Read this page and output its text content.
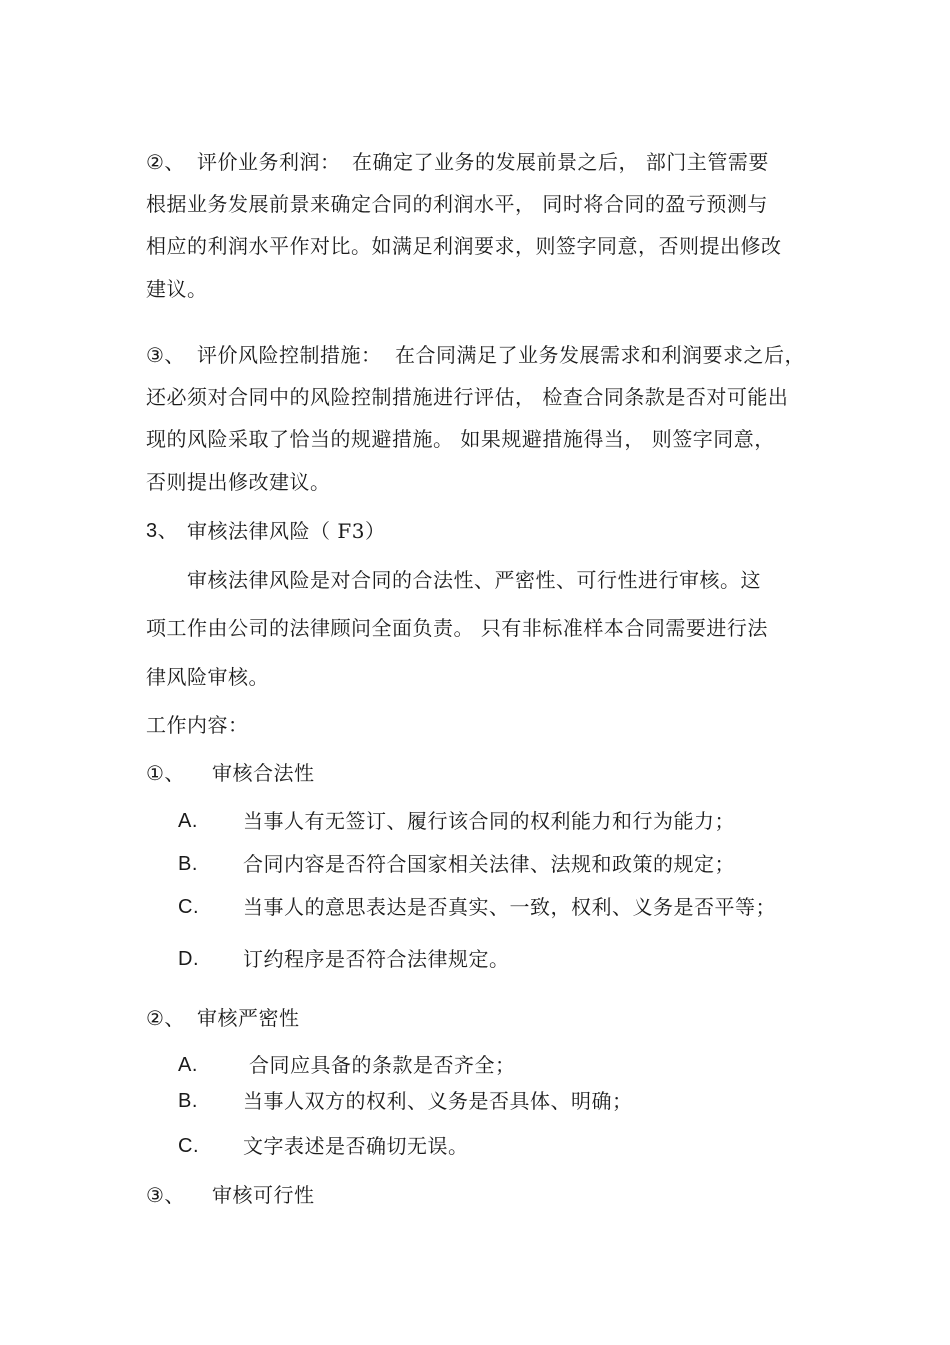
②、 评价业务利润： 在确定了业务的发展前景之后， 部门主管需要
根据业务发展前景来确定合同的利润水平， 同时将合同的盈亏预测与
相应的利润水平作对比。如满足利润要求，则签字同意，否则提出修改
建议。
③、 评价风险控制措施： 在合同满足了业务发展需求和利润要求之后，
还必须对合同中的风险控制措施进行评估， 检查合同条款是否对可能出
现的风险采取了恰当的规避措施。 如果规避措施得当， 则签字同意，
否则提出修改建议。
3、 审核法律风险（ F3）
审核法律风险是对合同的合法性、严密性、可行性进行审核。这
项工作由公司的法律顾问全面负责。 只有非标准样本合同需要进行法
律风险审核。
工作内容：
①、 审核合法性
A. 当事人有无签订、履行该合同的权利能力和行为能力；
B. 合同内容是否符合国家相关法律、法规和政策的规定；
C. 当事人的意思表达是否真实、一致，权利、义务是否平等；
D. 订约程序是否符合法律规定。
②、 审核严密性
A.	合同应具备的条款是否齐全；
B. 当事人双方的权利、义务是否具体、明确；
C. 文字表述是否确切无误。
③、 审核可行性
